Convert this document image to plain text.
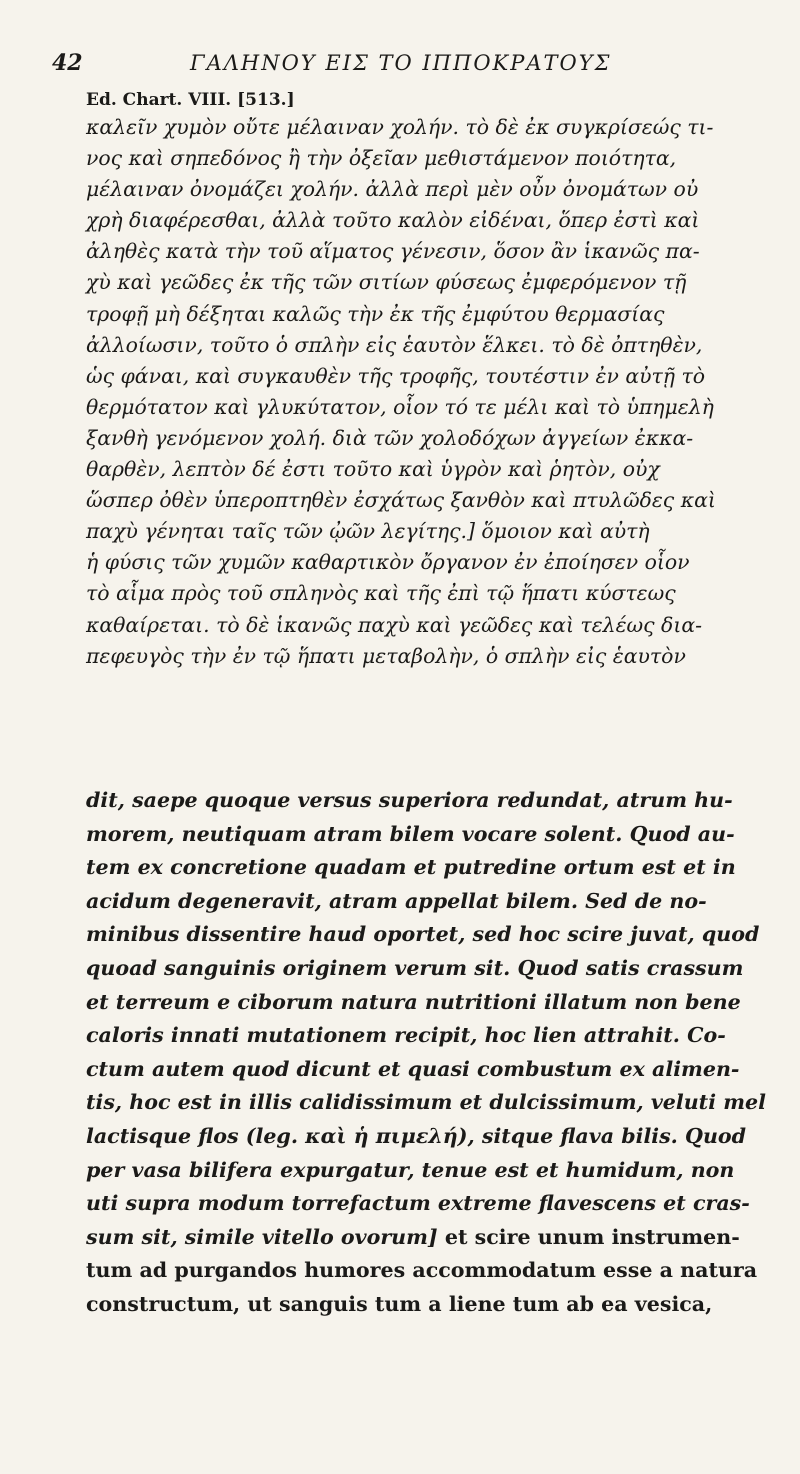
42	ΓΑΛΗΝΟΥ ΕΙΣ ΤΟ ΙΠΠΟΚΡΑΤΟΥΣ
Ed. Chart. VIII. [513.]

καλεῖν χυμὸν οὔτε μέλαιναν χολήν. τὸ δὲ ἐκ συγκρίσεώς τι-
νος καὶ σηπεδόνος ἢ τὴν ὀξεῖαν μεθιστάμενον ποιότητα,
μέλαιναν ὀνομάζει χολήν. ἀλλὰ περὶ μὲν οὖν ὀνομάτων οὐ
χρὴ διαφέρεσθαι, ἀλλὰ τοῦτο καλὸν εἰδέναι, ὅπερ ἐστὶ καὶ
ἀληθὲς κατὰ τὴν τοῦ αἵματος γένεσιν, ὅσον ἂν ἱκανῶς πα-
χὺ καὶ γεῶδες ἐκ τῆς τῶν σιτίων φύσεως ἐμφερόμενον τῇ
τροφῇ μὴ δέξηται καλῶς τὴν ἐκ τῆς ἐμφύτου θερμασίας
ἀλλοίωσιν, τοῦτο ὁ σπλὴν εἰς ἑαυτὸν ἕλκει. τὸ δὲ ὀπτηθὲν,
ὡς φάναι, καὶ συγκαυθὲν τῆς τροφῆς, τουτέστιν ἐν αὐτῇ τὸ
θερμότατον καὶ γλυκύτατον, οἷον τό τε μέλι καὶ τὸ ὑπημελὴ
ξανθὴ γενόμενον χολή. διὰ τῶν χολοδόχων ἀγγείων ἐκκα-
θαρθὲν, λεπτὸν δέ ἐστι τοῦτο καὶ ὑγρὸν καὶ ῥητὸν, οὐχ
ὥσπερ ὀθὲν ὑπεροπτηθὲν ἐσχάτως ξανθὸν καὶ πτυλῶδες καὶ
παχὺ γένηται ταῖς τῶν ᾠῶν λεγίτης.] ὅμοιον καὶ αὐτὴ
ἡ φύσις τῶν χυμῶν καθαρτικὸν ὄργανον ἐν ἐποίησεν οἷον
τὸ αἷμα πρὸς τοῦ σπληνὸς καὶ τῆς ἐπὶ τῷ ἥπατι κύστεως
καθαίρεται. τὸ δὲ ἱκανῶς παχὺ καὶ γεῶδες καὶ τελέως δια-
πεφευγὸς τὴν ἐν τῷ ἥπατι μεταβολὴν, ὁ σπλὴν εἰς ἑαυτὸν

dit, saepe quoque versus superiora redundat, atrum hu-
morem, neutiquam atram bilem vocare solent. Quod au-
tem ex concretione quadam et putredine ortum est et in
acidum degeneravit, atram appellat bilem. Sed de no-
minibus dissentire haud oportet, sed hoc scire juvat, quod
quoad sanguinis originem verum sit. Quod satis crassum
et terreum e ciborum natura nutritioni illatum non bene
caloris innati mutationem recipit, hoc lien attrahit. Co-
ctum autem quod dicunt et quasi combustum ex alimen-
tis, hoc est in illis calidissimum et dulcissimum, veluti mel
lactisque flos (leg. καὶ ἡ πιμελή), sitque flava bilis. Quod
per vasa bilifera expurgatur, tenue est et humidum, non
uti supra modum torrefactum extreme flavescens et cras-
sum sit, simile vitello ovorum] et scire unum instrumen-
tum ad purgandos humores accommodatum esse a natura
constructum, ut sanguis tum a liene tum ab ea vesica,
